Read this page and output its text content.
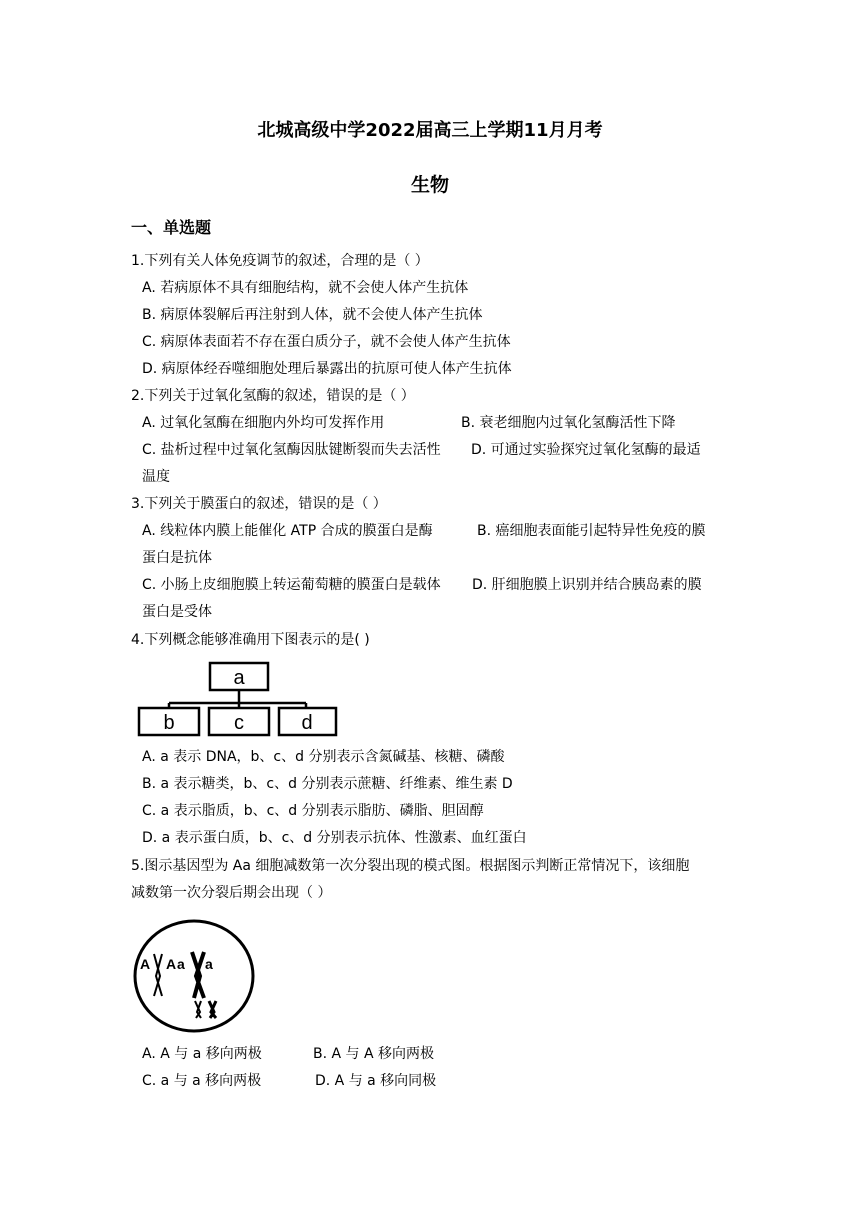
北城高级中学2022届高三上学期11月月考
生物
一、单选题
1.下列有关人体免疫调节的叙述，合理的是（ ）
A. 若病原体不具有细胞结构，就不会使人体产生抗体
B. 病原体裂解后再注射到人体，就不会使人体产生抗体
C. 病原体表面若不存在蛋白质分子，就不会使人体产生抗体
D. 病原体经吞噬细胞处理后暴露出的抗原可使人体产生抗体
2.下列关于过氧化氢酶的叙述，错误的是（ ）
A. 过氧化氢酶在细胞内外均可发挥作用	B. 衰老细胞内过氧化氢酶活性下降
C. 盐析过程中过氧化氢酶因肽键断裂而失去活性 D. 可通过实验探究过氧化氢酶的最适
温度
3.下列关于膜蛋白的叙述，错误的是（ ）
A. 线粒体内膜上能催化 ATP 合成的膜蛋白是酶	B. 癌细胞表面能引起特异性免疫的膜
蛋白是抗体
C. 小肠上皮细胞膜上转运葡萄糖的膜蛋白是载体 D. 肝细胞膜上识别并结合胰岛素的膜
蛋白是受体
4.下列概念能够准确用下图表示的是( )
a
b	c	d
A. a 表示 DNA，b、c、d 分别表示含氮碱基、核糖、磷酸
B. a 表示糖类，b、c、d 分别表示蔗糖、纤维素、维生素 D
C. a 表示脂质，b、c、d 分别表示脂肪、磷脂、胆固醇
D. a 表示蛋白质，b、c、d 分别表示抗体、性激素、血红蛋白
5.图示基因型为 Aa 细胞减数第一次分裂出现的模式图。根据图示判断正常情况下，该细胞
减数第一次分裂后期会出现（ ）
A A a a
A. A 与 a 移向两极	B. A 与 A 移向两极
C. a 与 a 移向两极	D. A 与 a 移向同极
